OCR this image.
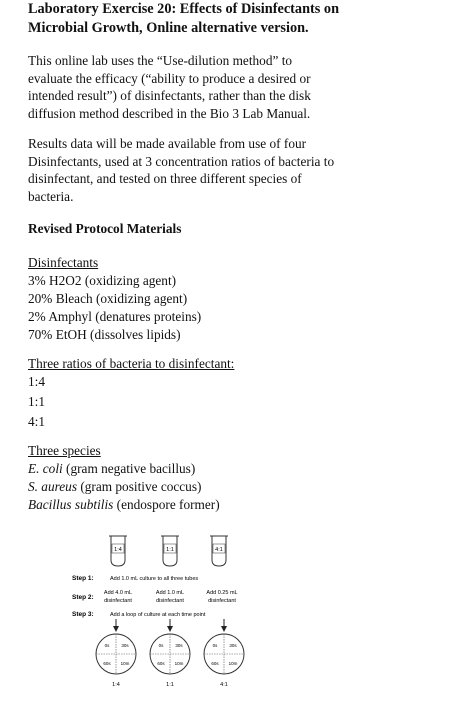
Laboratory Exercise 20: Effects of Disinfectants on
Microbial Growth, Online alternative version.
This online lab uses the “Use-dilution method” to
evaluate the efficacy (“ability to produce a desired or
intended result”) of disinfectants, rather than the disk
diffusion method described in the Bio 3 Lab Manual.
Results data will be made available from use of four
Disinfectants, used at 3 concentration ratios of bacteria to
disinfectant, and tested on three different species of
bacteria.
Revised Protocol Materials
Disinfectants
3% H2O2 (oxidizing agent)
20% Bleach (oxidizing agent)
2% Amphyl (denatures proteins)
70% EtOH (dissolves lipids)
Three ratios of bacteria to disinfectant:
1:4
1:1
4:1
Three species
E. coli (gram negative bacillus)
S. aureus (gram positive coccus)
Bacillus subtilis (endospore former)
1:4	1:1	4:1
Step 1:	Add 1.0 mL culture to all three tubes
Step 2:
Add 4.0 mL
disinfectant
Add 1.0 mL
disinfectant
Add 0.25 mL
disinfectant
Step 3:	Add a loop of culture at each time point
0s	30s
60s 10m
0s	30s
60s 10m
0s	30s
60s 10m
1:4	1:1	4:1
